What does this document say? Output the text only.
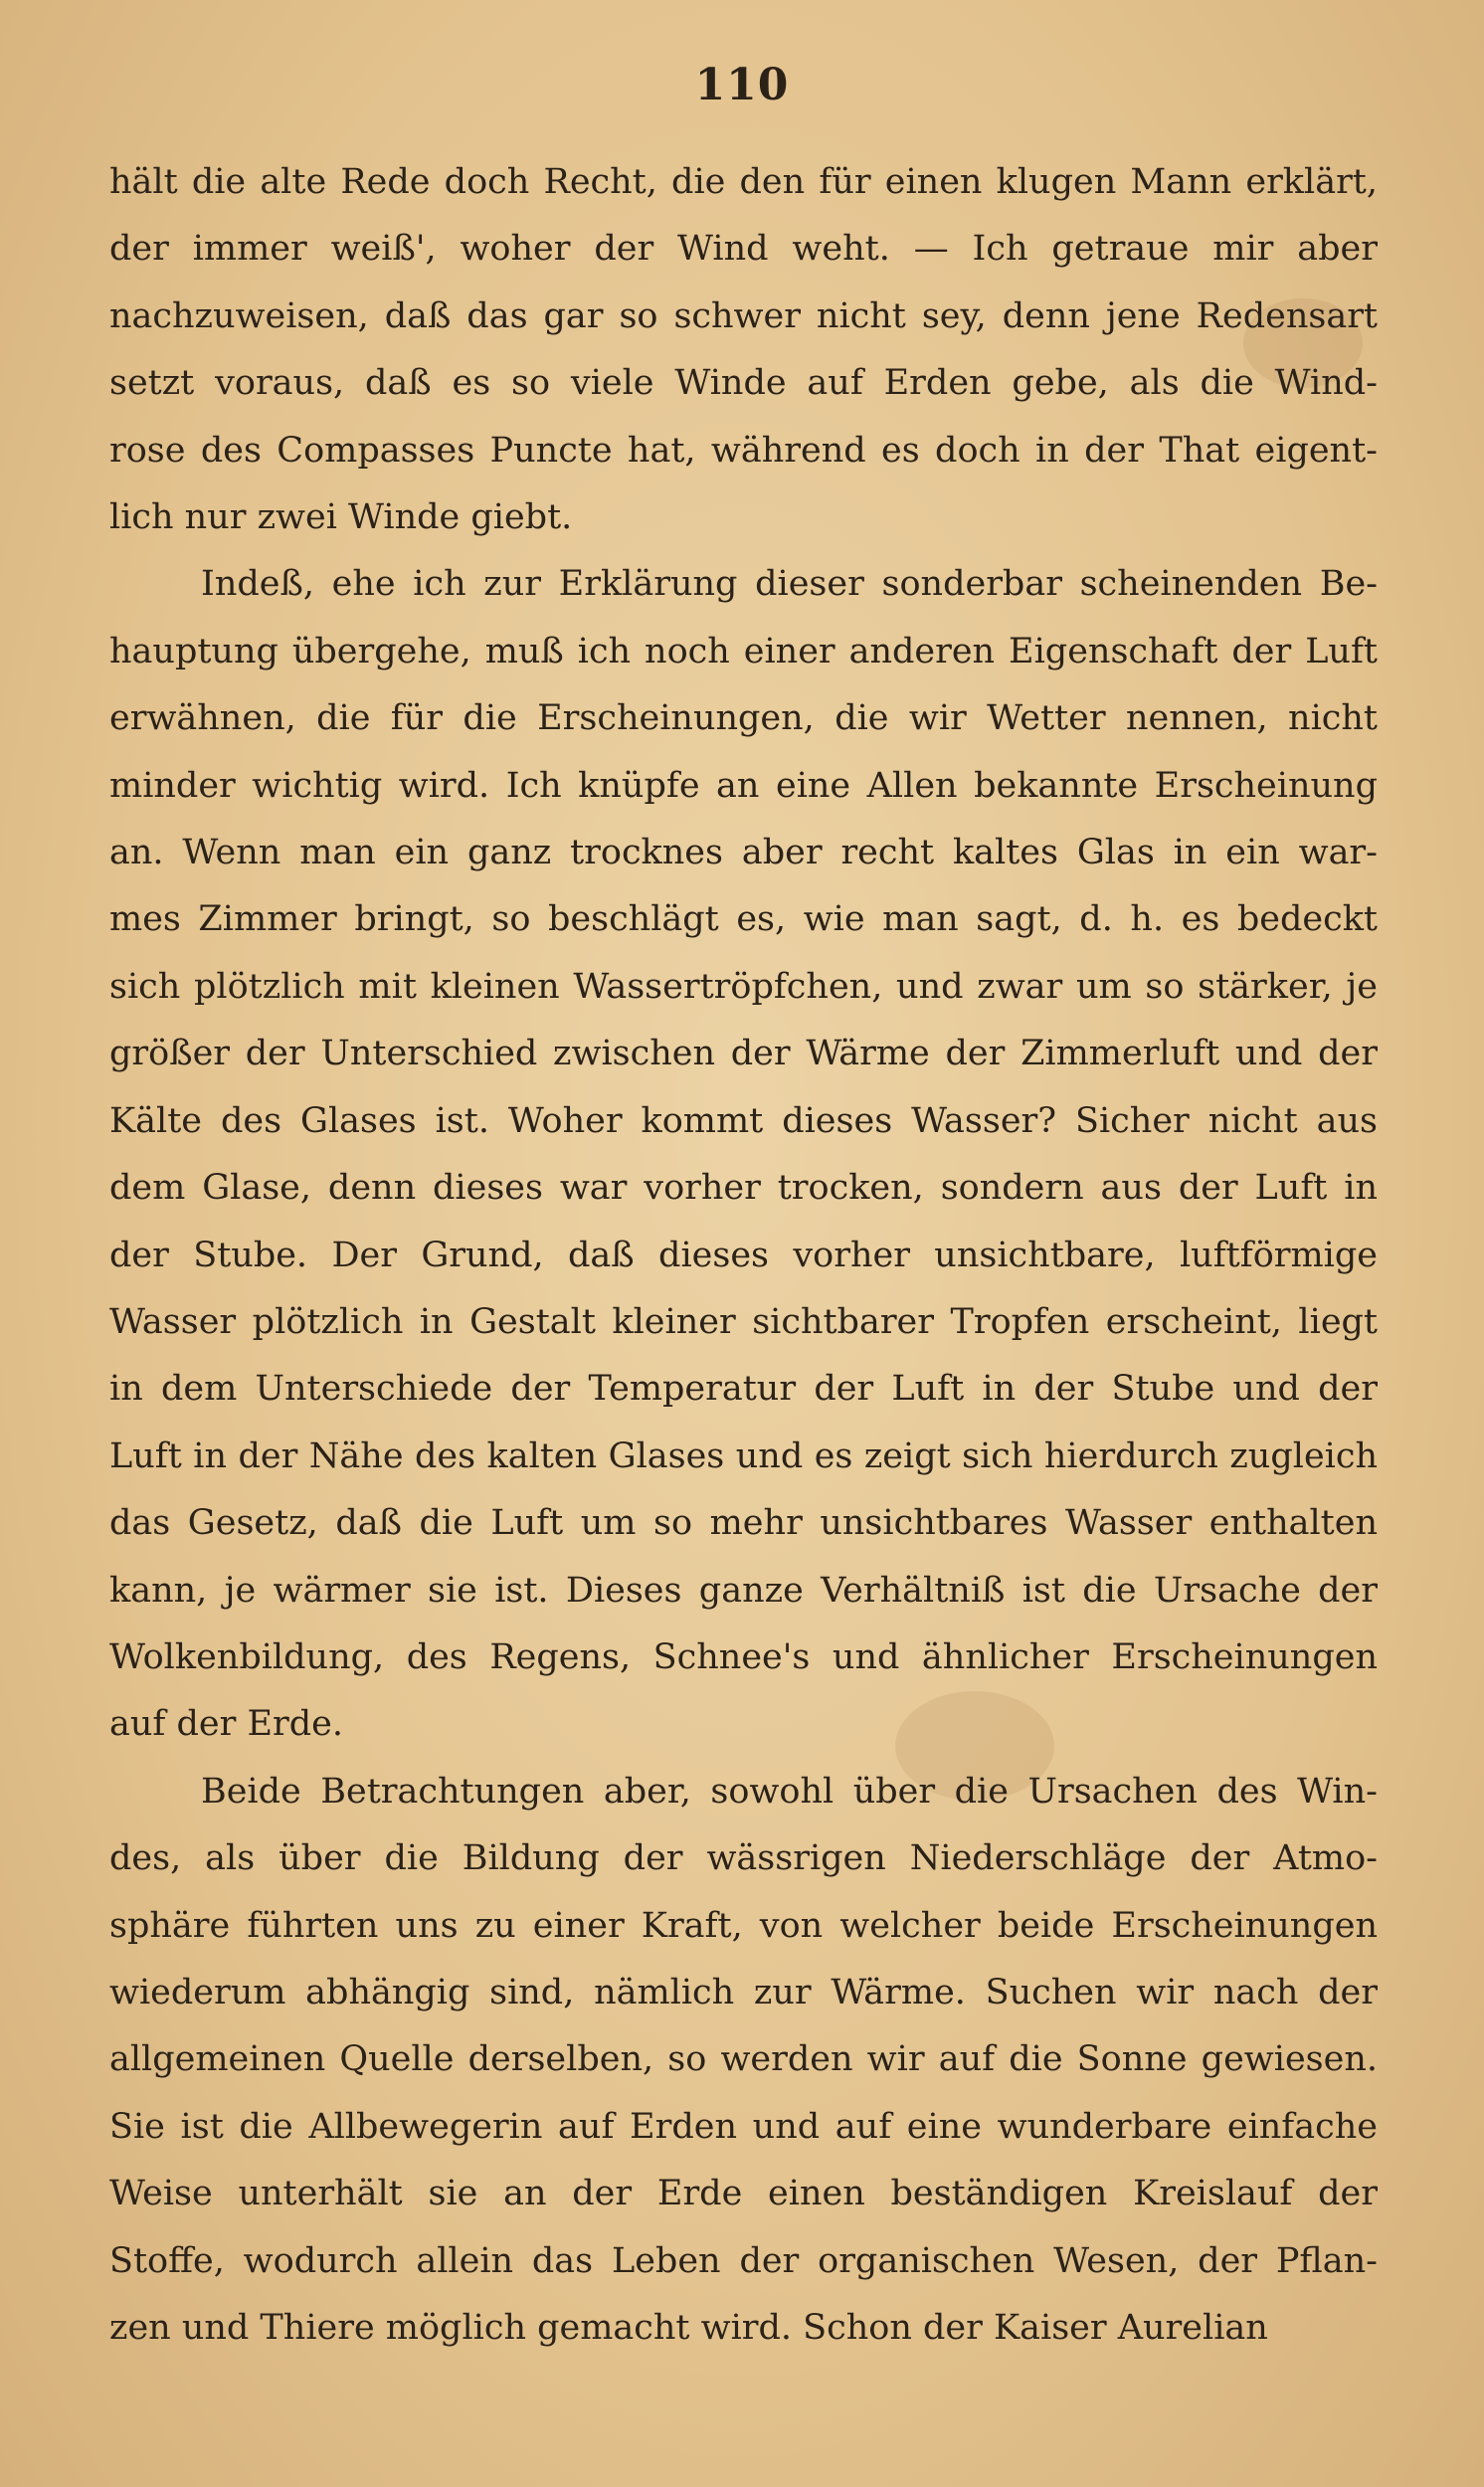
110
hält die alte Rede doch Recht, die den für einen klugen Mann erklärt,
der immer weiß', woher der Wind weht. — Ich getraue mir aber
nachzuweisen, daß das gar so schwer nicht sey, denn jene Redensart
setzt voraus, daß es so viele Winde auf Erden gebe, als die Wind-
rose des Compasses Puncte hat, während es doch in der That eigent-
lich nur zwei Winde giebt.
Indeß, ehe ich zur Erklärung dieser sonderbar scheinenden Be-
hauptung übergehe, muß ich noch einer anderen Eigenschaft der Luft
erwähnen, die für die Erscheinungen, die wir Wetter nennen, nicht
minder wichtig wird. Ich knüpfe an eine Allen bekannte Erscheinung
an. Wenn man ein ganz trocknes aber recht kaltes Glas in ein war-
mes Zimmer bringt, so beschlägt es, wie man sagt, d. h. es bedeckt
sich plötzlich mit kleinen Wassertröpfchen, und zwar um so stärker, je
größer der Unterschied zwischen der Wärme der Zimmerluft und der
Kälte des Glases ist. Woher kommt dieses Wasser? Sicher nicht aus
dem Glase, denn dieses war vorher trocken, sondern aus der Luft in
der Stube. Der Grund, daß dieses vorher unsichtbare, luftförmige
Wasser plötzlich in Gestalt kleiner sichtbarer Tropfen erscheint, liegt
in dem Unterschiede der Temperatur der Luft in der Stube und der
Luft in der Nähe des kalten Glases und es zeigt sich hierdurch zugleich
das Gesetz, daß die Luft um so mehr unsichtbares Wasser enthalten
kann, je wärmer sie ist. Dieses ganze Verhältniß ist die Ursache der
Wolkenbildung, des Regens, Schnee's und ähnlicher Erscheinungen
auf der Erde.
Beide Betrachtungen aber, sowohl über die Ursachen des Win-
des, als über die Bildung der wässrigen Niederschläge der Atmo-
sphäre führten uns zu einer Kraft, von welcher beide Erscheinungen
wiederum abhängig sind, nämlich zur Wärme. Suchen wir nach der
allgemeinen Quelle derselben, so werden wir auf die Sonne gewiesen.
Sie ist die Allbewegerin auf Erden und auf eine wunderbare einfache
Weise unterhält sie an der Erde einen beständigen Kreislauf der
Stoffe, wodurch allein das Leben der organischen Wesen, der Pflan-
zen und Thiere möglich gemacht wird. Schon der Kaiser Aurelian
